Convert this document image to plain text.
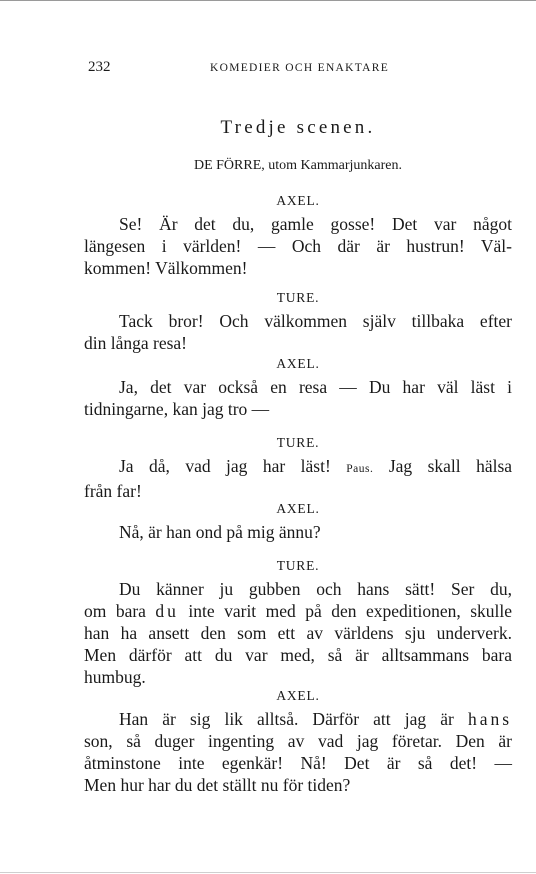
232	KOMEDIER OCH ENAKTARE
Tredje scenen.
DE FÖRRE, utom Kammarjunkaren.
AXEL.
Se! Är det du, gamle gosse! Det var något
längesen i världen! — Och där är hustrun! Väl-
kommen! Välkommen!
TURE.
Tack bror! Och välkommen själv tillbaka efter
din långa resa!
AXEL.
Ja, det var också en resa — Du har väl läst i
tidningarne, kan jag tro —
TURE.
Ja då, vad jag har läst! Paus. Jag skall hälsa
från far!
AXEL.
Nå, är han ond på mig ännu?
TURE.
Du känner ju gubben och hans sätt! Ser du,
om bara du inte varit med på den expeditionen, skulle
han ha ansett den som ett av världens sju underverk.
Men därför att du var med, så är alltsammans bara
humbug.
AXEL.
Han är sig lik alltså. Därför att jag är hans
son, så duger ingenting av vad jag företar. Den är
åtminstone inte egenkär! Nå! Det är så det! —
Men hur har du det ställt nu för tiden?
